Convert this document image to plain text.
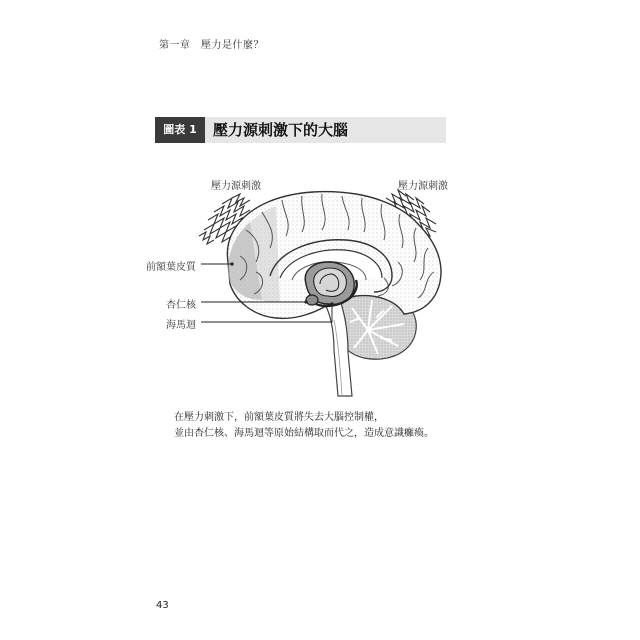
第一章　壓力是什麼？
圖表 1	壓力源刺激下的大腦
壓力源刺激	壓力源刺激
前額葉皮質
杏仁核
海馬迴
在壓力刺激下，前額葉皮質將失去大腦控制權，
並由杏仁核、海馬迴等原始結構取而代之，造成意識癱瘓。
43
